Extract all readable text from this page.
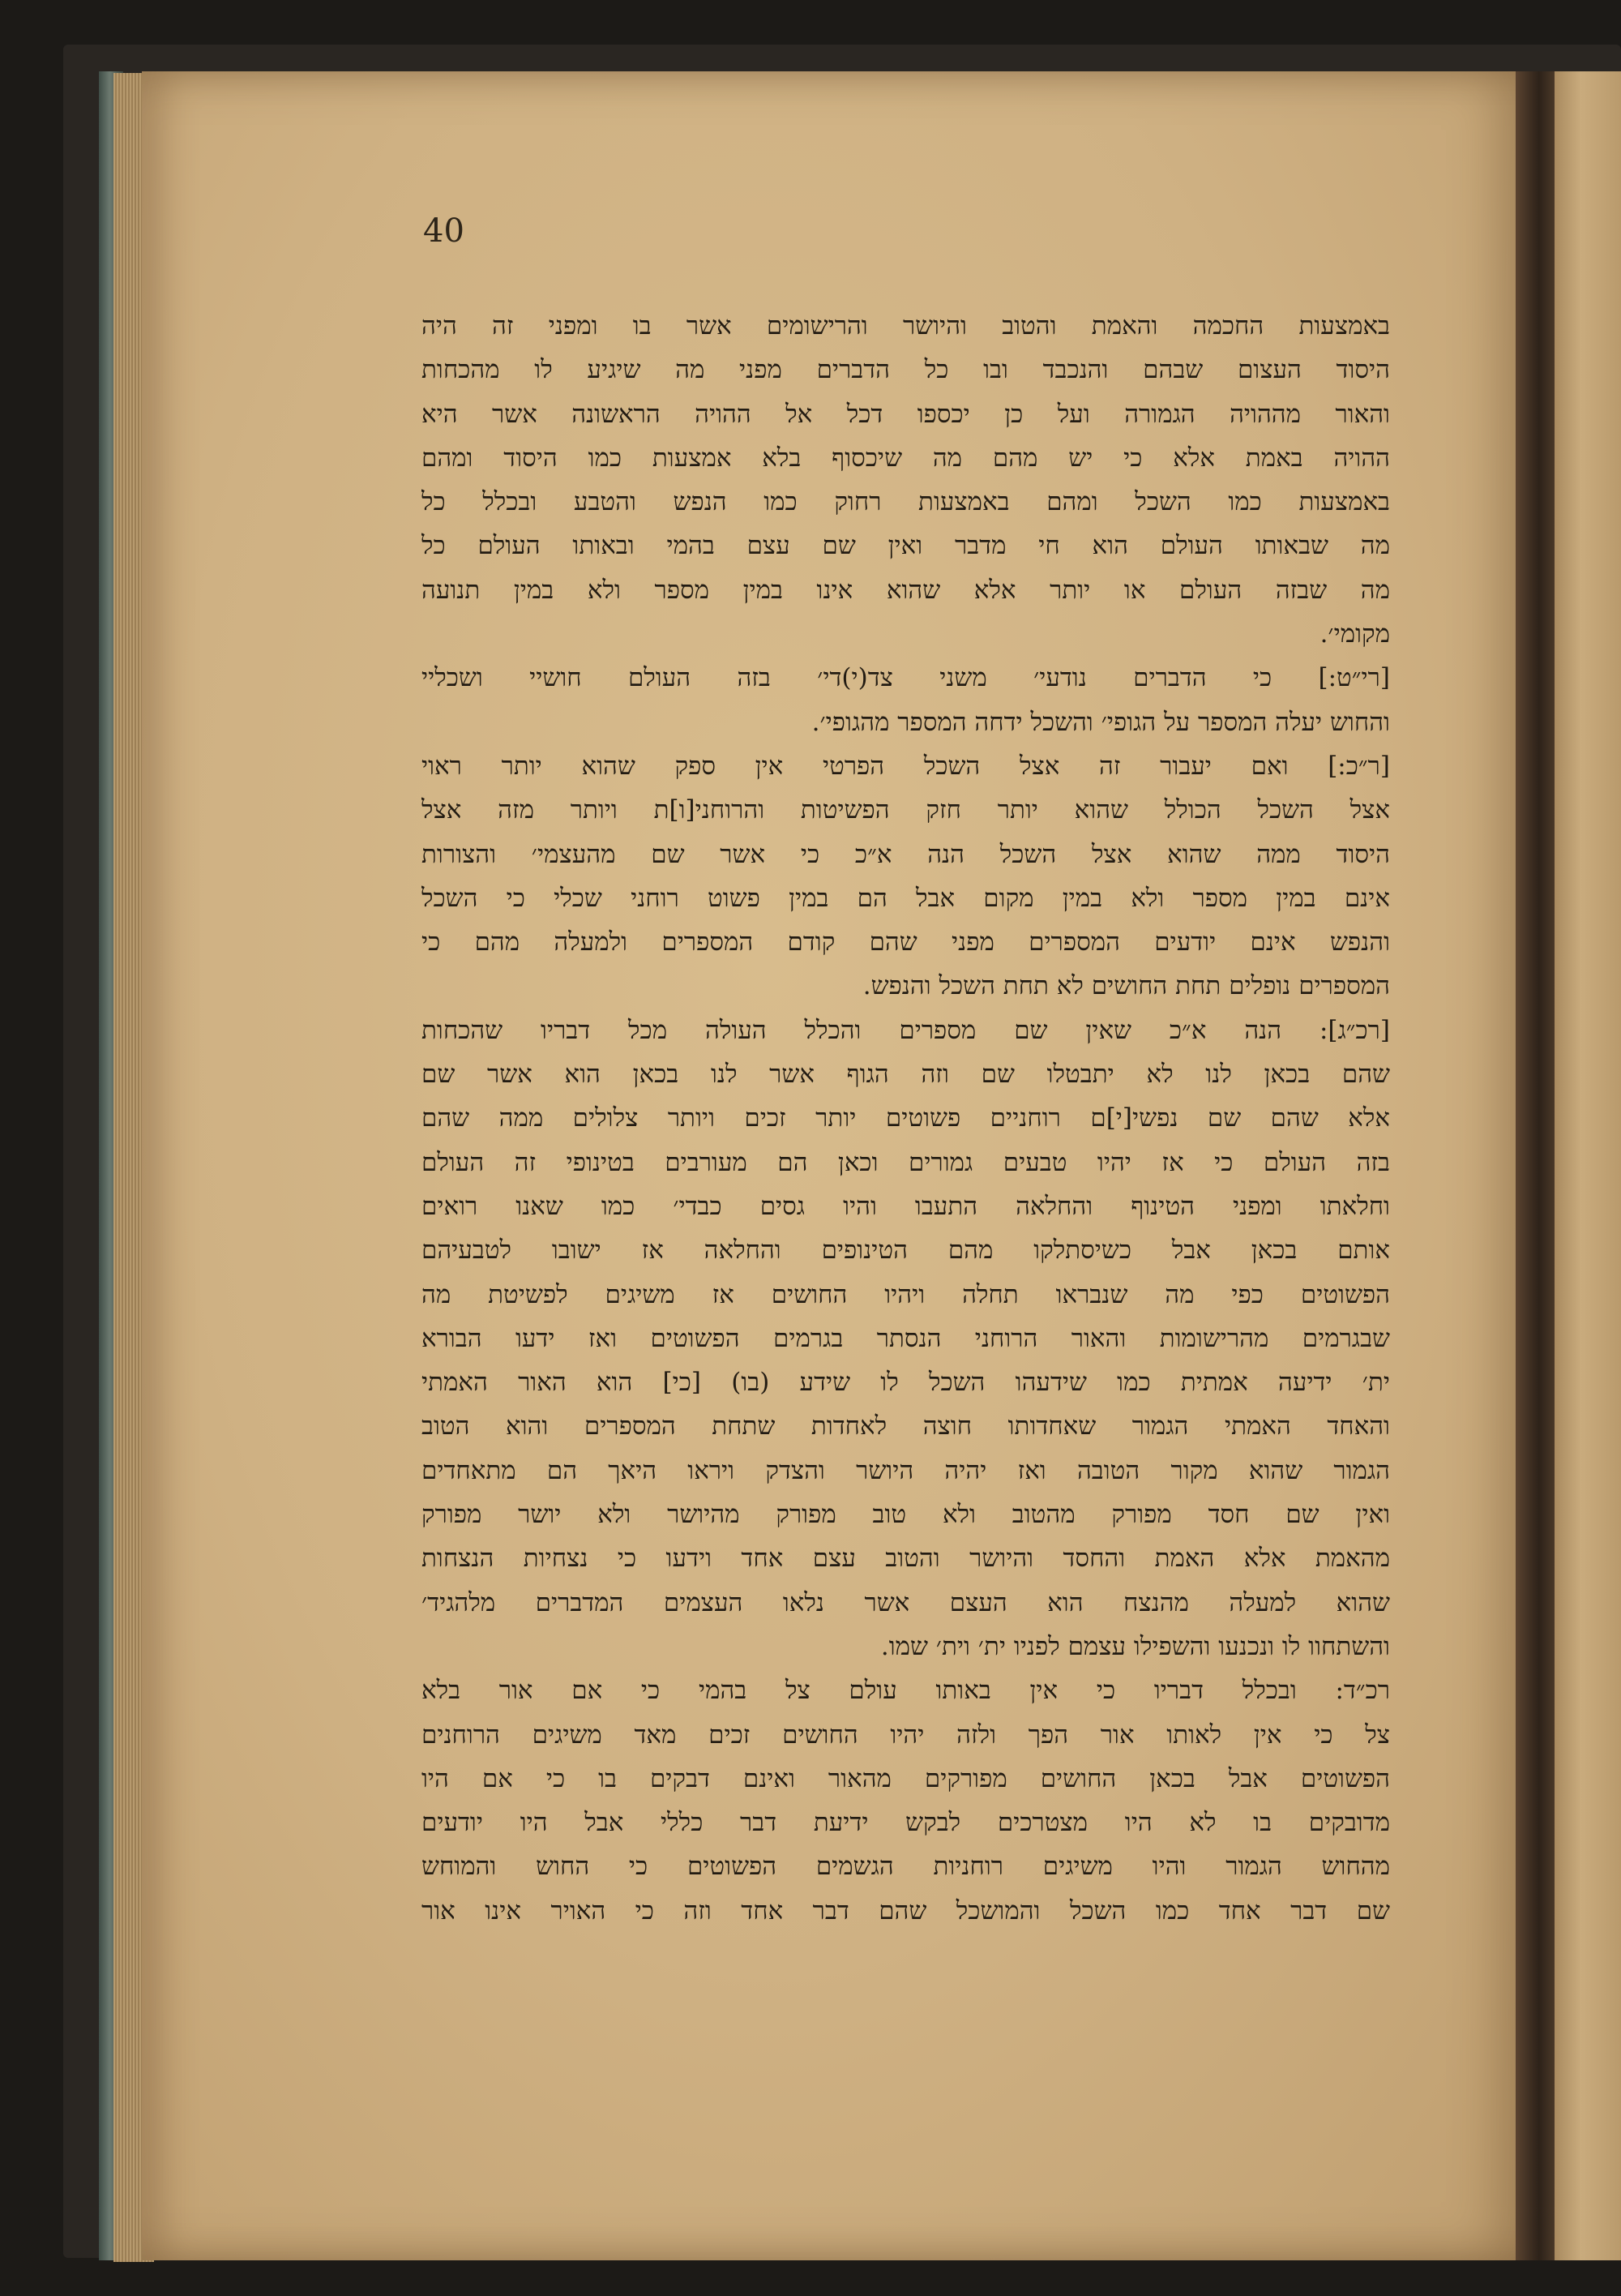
40
באמצעות החכמה והאמת והטוב והיושר והרישומים אשר בו ומפני זה היה
היסוד העצום שבהם והנכבד ובו כל הדברים מפני מה שיגיע לו מהכחות
והאור מההויה הגמורה ועל כן יכספו דכל אל ההויה הראשונה אשר היא
ההויה באמת אלא כי יש מהם מה שיכסוף בלא אמצעות כמו היסוד ומהם
באמצעות כמו השכל ומהם באמצעות רחוק כמו הנפש והטבע ובכלל כל
מה שבאותו העולם הוא חי מדבר ואין שם עצם בהמי ובאותו העולם כל
מה שבזה העולם או יותר אלא שהוא אינו במין מספר ולא במין תנועה
מקומי׳.
[רי״ט:] כי הדברים נודעי׳ משני צד(י)די׳ בזה העולם חושיי ושכליי
והחוש יעלה המספר על הגופי׳ והשכל ידחה המספר מהגופי׳.
[ר״כ:] ואם יעבור זה אצל השכל הפרטי אין ספק שהוא יותר ראוי
אצל השכל הכולל שהוא יותר חזק הפשיטות והרוחני[ו]ת ויותר מזה אצל
היסוד ממה שהוא אצל השכל הנה א״כ כי אשר שם מהעצמי׳ והצורות
אינם במין מספר ולא במין מקום אבל הם במין פשוט רוחני שכלי כי השכל
והנפש אינם יודעים המספרים מפני שהם קודם המספרים ולמעלה מהם כי
המספרים נופלים תחת החושים לא תחת השכל והנפש.
[רכ״ג]: הנה א״כ שאין שם מספרים והכלל העולה מכל דבריו שהכחות
שהם בכאן לנו לא יתבטלו שם וזה הגוף אשר לנו בכאן הוא אשר שם
אלא שהם שם נפשי[י]ם רוחניים פשוטים יותר זכים ויותר צלולים ממה שהם
בזה העולם כי אז יהיו טבעים גמורים וכאן הם מעורבים בטינופי זה העולם
וחלאתו ומפני הטינוף והחלאה התעבו והיו גסים כבדי׳ כמו שאנו רואים
אותם בכאן אבל כשיסתלקו מהם הטינופים והחלאה אז ישובו לטבעיהם
הפשוטים כפי מה שנבראו תחלה ויהיו החושים אז משיגים לפשיטת מה
שבגרמים מהרישומות והאור הרוחני הנסתר בגרמים הפשוטים ואז ידעו הבורא
ית׳ ידיעה אמתית כמו שידעהו השכל לו שידע (בו) [כי] הוא האור האמתי
והאחד האמתי הגמור שאחדותו חוצה לאחדות שתחת המספרים והוא הטוב
הגמור שהוא מקור הטובה ואז יהיה היושר והצדק ויראו היאך הם מתאחדים
ואין שם חסד מפורק מהטוב ולא טוב מפורק מהיושר ולא יושר מפורק
מהאמת אלא האמת והחסד והיושר והטוב עצם אחד וידעו כי נצחיות הנצחות
שהוא למעלה מהנצח הוא העצם אשר נלאו העצמים המדברים מלהגיד׳
והשתחוו לו ונכנעו והשפילו עצמם לפניו ית׳ וית׳ שמו.
רכ״ד: ובכלל דבריו כי אין באותו עולם צל בהמי כי אם אור בלא
צל כי אין לאותו אור הפך ולזה יהיו החושים זכים מאד משיגים הרוחנים
הפשוטים אבל בכאן החושים מפורקים מהאור ואינם דבקים בו כי אם היו
מדובקים בו לא היו מצטרכים לבקש ידיעת דבר כללי אבל היו יודעים
מהחוש הגמור והיו משיגים רוחניות הגשמים הפשוטים כי החוש והמוחש
שם דבר אחד כמו השכל והמושכל שהם דבר אחד וזה כי האויר אינו אור
